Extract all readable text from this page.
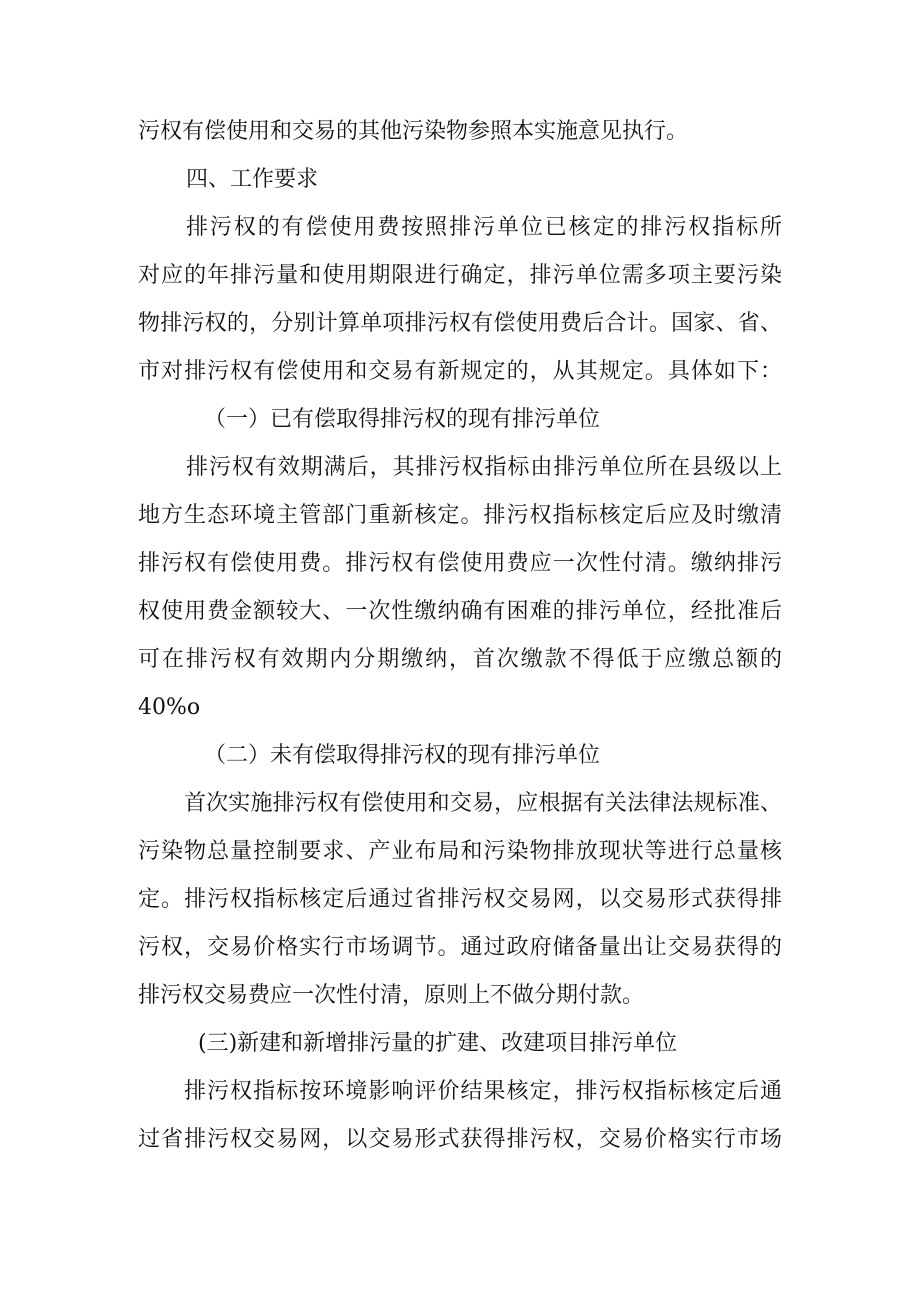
污权有偿使用和交易的其他污染物参照本实施意见执行。
四、工作要求
排污权的有偿使用费按照排污单位已核定的排污权指标所
对应的年排污量和使用期限进行确定，排污单位需多项主要污染
物排污权的，分别计算单项排污权有偿使用费后合计。国家、省、
市对排污权有偿使用和交易有新规定的，从其规定。具体如下：
（一）已有偿取得排污权的现有排污单位
排污权有效期满后，其排污权指标由排污单位所在县级以上
地方生态环境主管部门重新核定。排污权指标核定后应及时缴清
排污权有偿使用费。排污权有偿使用费应一次性付清。缴纳排污
权使用费金额较大、一次性缴纳确有困难的排污单位，经批准后
可在排污权有效期内分期缴纳，首次缴款不得低于应缴总额的
40%o
（二）未有偿取得排污权的现有排污单位
首次实施排污权有偿使用和交易，应根据有关法律法规标准、
污染物总量控制要求、产业布局和污染物排放现状等进行总量核
定。排污权指标核定后通过省排污权交易网，以交易形式获得排
污权，交易价格实行市场调节。通过政府储备量出让交易获得的
排污权交易费应一次性付清，原则上不做分期付款。
(三)新建和新增排污量的扩建、改建项目排污单位
排污权指标按环境影响评价结果核定，排污权指标核定后通
过省排污权交易网，以交易形式获得排污权，交易价格实行市场
